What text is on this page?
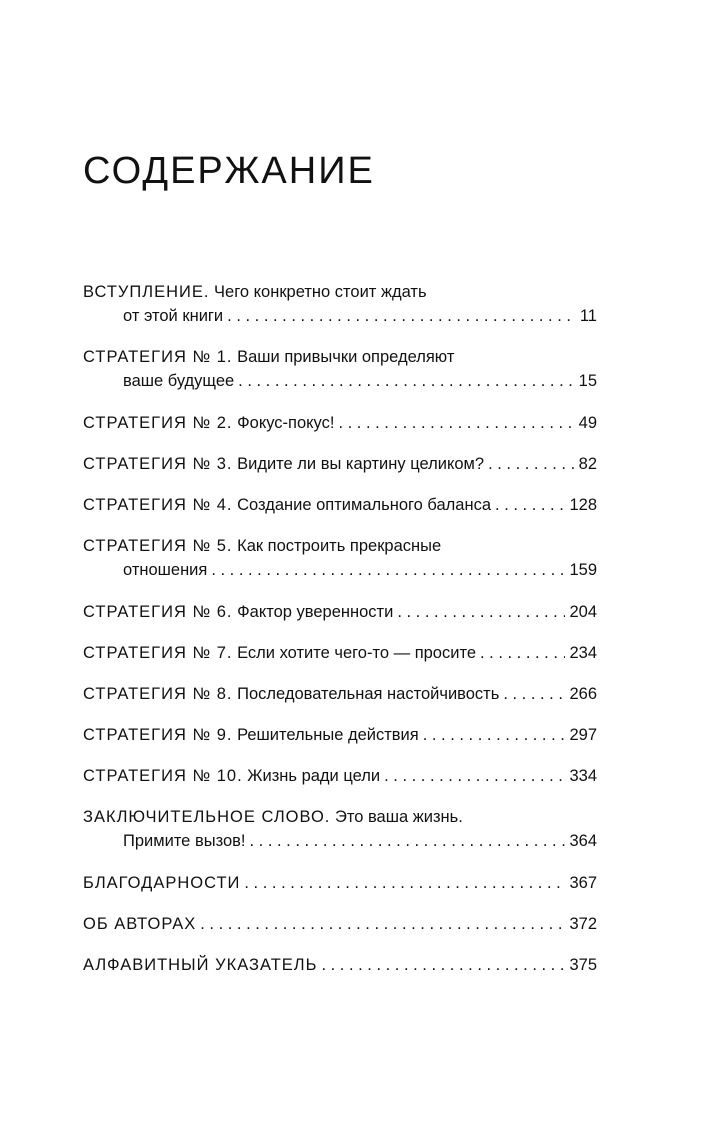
СОДЕРЖАНИЕ
ВСТУПЛЕНИЕ.
Чего конкретно стоит ждать
от этой книги . . .	11
СТРАТЕГИЯ № 1.
Ваши привычки определяют
ваше будущее . . .	15
СТРАТЕГИЯ № 2.
Фокус-покус! . . .	49
СТРАТЕГИЯ № 3.
Видите ли вы картину целиком? . . .	82
СТРАТЕГИЯ № 4.
Создание оптимального баланса . . .	128
СТРАТЕГИЯ № 5.
Как построить прекрасные
отношения . . .	159
СТРАТЕГИЯ № 6.
Фактор уверенности . . .	204
СТРАТЕГИЯ № 7.
Если хотите чего-то — просите . . .	234
СТРАТЕГИЯ № 8.
Последовательная настойчивость . . .	266
СТРАТЕГИЯ № 9.
Решительные действия . . .	297
СТРАТЕГИЯ № 10.
Жизнь ради цели . . .	334
ЗАКЛЮЧИТЕЛЬНОЕ СЛОВО.
Это ваша жизнь.
Примите вызов! . . .	364
БЛАГОДАРНОСТИ . . .	367
ОБ АВТОРАХ . . .	372
АЛФАВИТНЫЙ УКАЗАТЕЛЬ . . .	375
